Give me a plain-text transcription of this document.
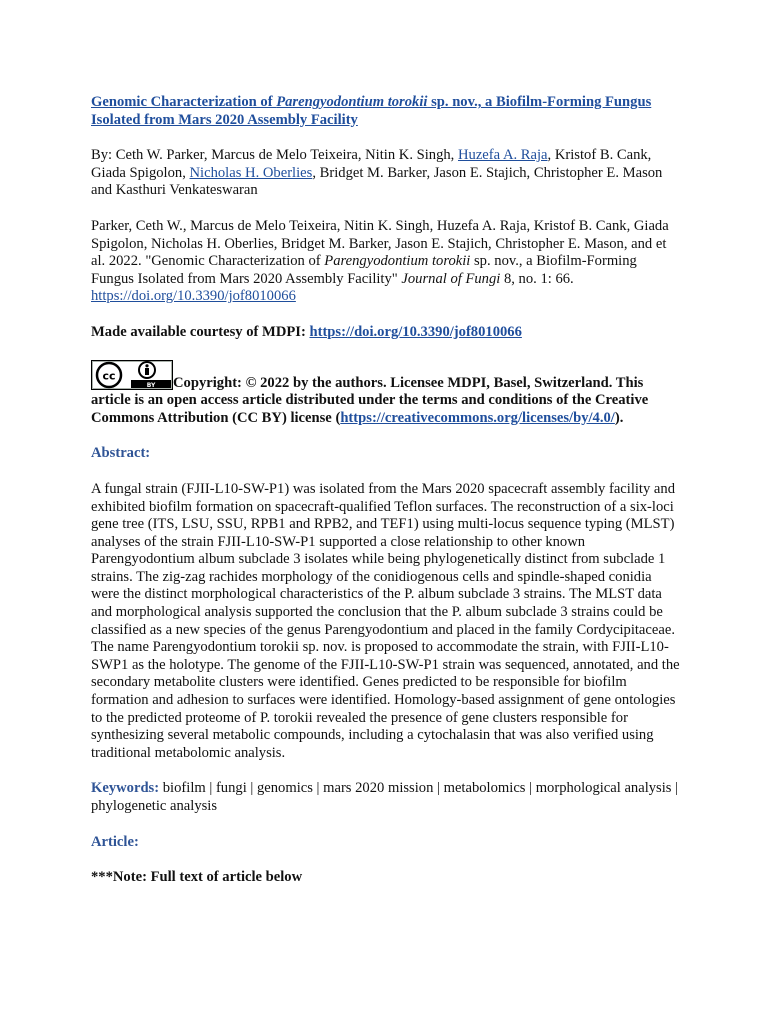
Genomic Characterization of Parengyodontium torokii sp. nov., a Biofilm-Forming Fungus Isolated from Mars 2020 Assembly Facility
By: Ceth W. Parker, Marcus de Melo Teixeira, Nitin K. Singh, Huzefa A. Raja, Kristof B. Cank, Giada Spigolon, Nicholas H. Oberlies, Bridget M. Barker, Jason E. Stajich, Christopher E. Mason and Kasthuri Venkateswaran
Parker, Ceth W., Marcus de Melo Teixeira, Nitin K. Singh, Huzefa A. Raja, Kristof B. Cank, Giada Spigolon, Nicholas H. Oberlies, Bridget M. Barker, Jason E. Stajich, Christopher E. Mason, and et al. 2022. "Genomic Characterization of Parengyodontium torokii sp. nov., a Biofilm-Forming Fungus Isolated from Mars 2020 Assembly Facility" Journal of Fungi 8, no. 1: 66. https://doi.org/10.3390/jof8010066
Made available courtesy of MDPI: https://doi.org/10.3390/jof8010066
cc
BY Copyright: © 2022 by the authors. Licensee MDPI, Basel, Switzerland. This article is an open access article distributed under the terms and conditions of the Creative Commons Attribution (CC BY) license (https://creativecommons.org/licenses/by/4.0/).
Abstract:
A fungal strain (FJII-L10-SW-P1) was isolated from the Mars 2020 spacecraft assembly facility and exhibited biofilm formation on spacecraft-qualified Teflon surfaces. The reconstruction of a six-loci gene tree (ITS, LSU, SSU, RPB1 and RPB2, and TEF1) using multi-locus sequence typing (MLST) analyses of the strain FJII-L10-SW-P1 supported a close relationship to other known Parengyodontium album subclade 3 isolates while being phylogenetically distinct from subclade 1 strains. The zig-zag rachides morphology of the conidiogenous cells and spindle-shaped conidia were the distinct morphological characteristics of the P. album subclade 3 strains. The MLST data and morphological analysis supported the conclusion that the P. album subclade 3 strains could be classified as a new species of the genus Parengyodontium and placed in the family Cordycipitaceae. The name Parengyodontium torokii sp. nov. is proposed to accommodate the strain, with FJII-L10-SWP1 as the holotype. The genome of the FJII-L10-SW-P1 strain was sequenced, annotated, and the secondary metabolite clusters were identified. Genes predicted to be responsible for biofilm formation and adhesion to surfaces were identified. Homology-based assignment of gene ontologies to the predicted proteome of P. torokii revealed the presence of gene clusters responsible for synthesizing several metabolic compounds, including a cytochalasin that was also verified using traditional metabolomic analysis.
Keywords: biofilm | fungi | genomics | mars 2020 mission | metabolomics | morphological analysis | phylogenetic analysis
Article:
***Note: Full text of article below
